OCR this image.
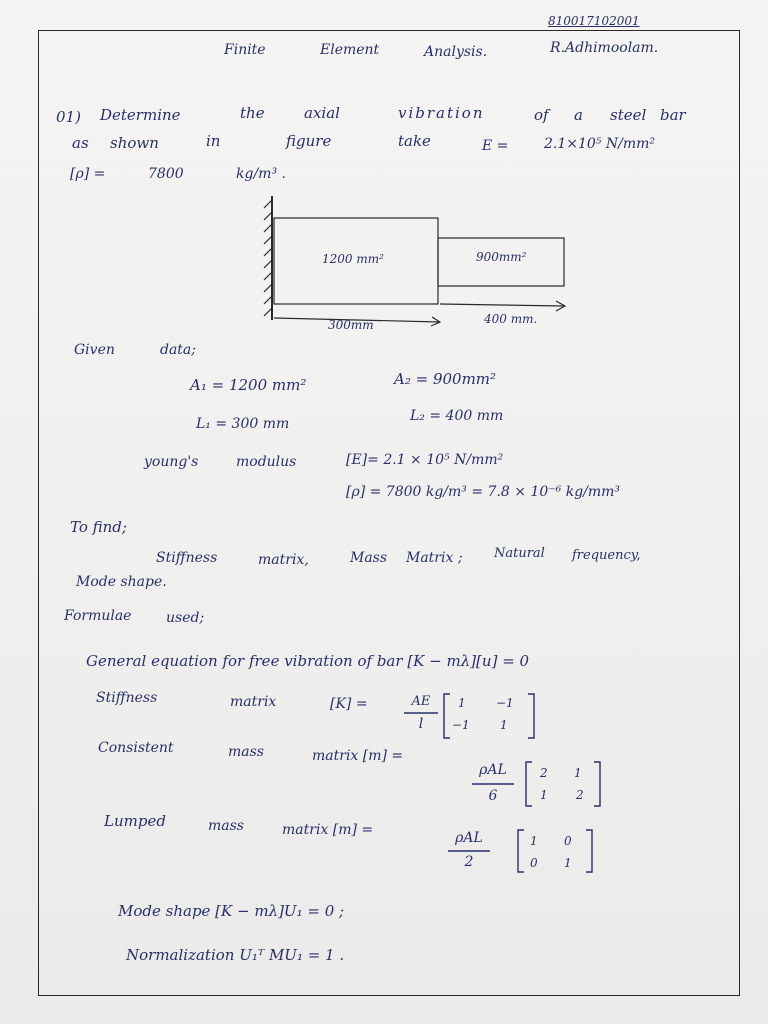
810017102001
Finite	Element	Analysis.	R.Adhimoolam.
01) Determine	the	axial	vibration	of a steel bar
as shown	in	figure	take	E =	2.1×10⁵ N/mm²
[ρ] =	7800	kg/m³ .
1200 mm²	900mm²
300mm	400 mm.
Given	data;
A₁ = 1200 mm²	A₂ = 900mm²
L₁ = 300 mm	L₂ = 400 mm
young's	modulus	[E]= 2.1 × 10⁵ N/mm²
[ρ] = 7800 kg/m³ = 7.8 × 10⁻⁶ kg/mm³
To find;
Stiffness	matrix,	Mass Matrix ; Natural frequency,
Mode shape.
Formulae used;
General equation for free vibration of bar [K − mλ][u] = 0
Stiffness	matrix	[K] =	AE
l
1	−1
−1	1
Consistent	mass	matrix [m] =
ρAL
6
2 1
1 2
Lumped	mass	matrix [m] =	ρAL
2
1 0
0 1
Mode shape [K − mλ]U₁ = 0 ;
Normalization U₁ᵀ MU₁ = 1 .
